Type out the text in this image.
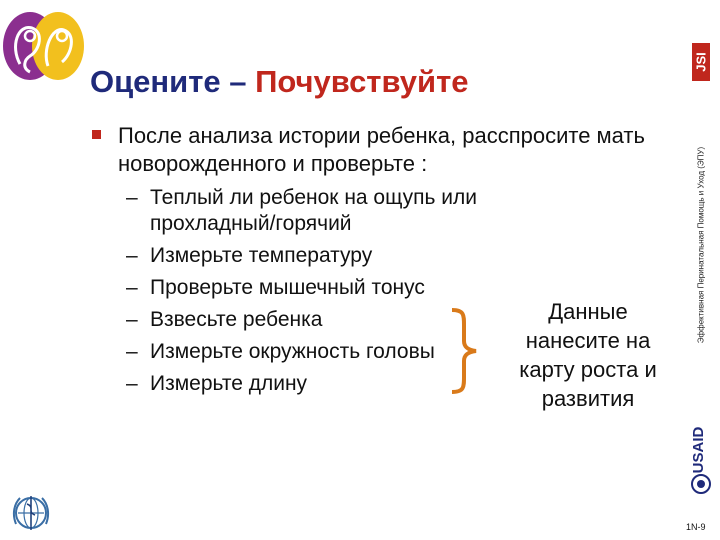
Оцените – Почувствуйте
После анализа истории ребенка, расспросите мать новорожденного и проверьте :
– Теплый ли ребенок на ощупь или прохладный/горячий
– Измерьте температуру
– Проверьте мышечный тонус
– Взвесьте ребенка
– Измерьте окружность головы
– Измерьте длину
Данные нанесите на карту роста и развития
JSI
Эффективная Перинатальная Помощь и Уход (ЭПУ)
USAID
1N-9
